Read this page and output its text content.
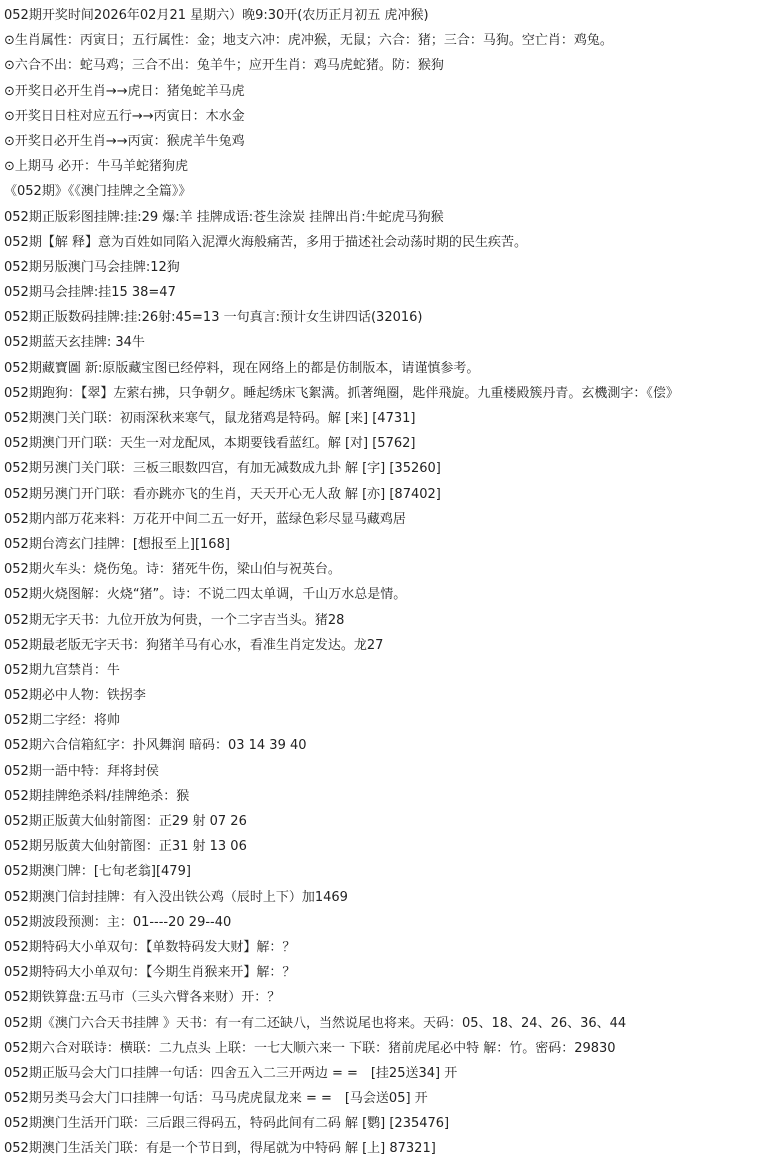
052期开奖时间2026年02月21 星期六）晚9:30开(农历正月初五 虎冲猴)
⊙生肖属性：丙寅日；五行属性：金；地支六冲：虎冲猴，无鼠；六合：猪；三合：马狗。空亡肖：鸡兔。
⊙六合不出：蛇马鸡；三合不出：兔羊牛；应开生肖：鸡马虎蛇猪。防：猴狗
⊙开奖日必开生肖→→虎日：猪兔蛇羊马虎
⊙开奖日日柱对应五行→→丙寅日：木水金
⊙开奖日必开生肖→→丙寅：猴虎羊牛兔鸡
⊙上期马 必开：牛马羊蛇猪狗虎
《052期》《《澳门挂牌之全篇》》
052期正版彩图挂牌:挂:29 爆:羊 挂牌成语:苍生涂炭 挂牌出肖:牛蛇虎马狗猴
052期【解 释】意为百姓如同陷入泥潭火海般痛苦，多用于描述社会动荡时期的民生疾苦。
052期另版澳门马会挂牌:12狗
052期马会挂牌:挂15 38=47
052期正版数码挂牌:挂:26射:45=13 一句真言:预计女生讲四话(32016)
052期蓝天玄挂牌: 34牛
052期藏寶圖 新:原版藏宝图已经停料，现在网络上的都是仿制版本，请谨慎参考。
052期跑狗：【翠】左萦右拂，只争朝夕。睡起绣床飞絮满。抓著绳圈，匙伴飛旋。九重楼殿簇丹青。玄機測字：《偿》
052期澳门关门联：初雨深秋来寒气，鼠龙猪鸡是特码。解 [来] [4731]
052期澳门开门联：天生一对龙配凤，本期要钱看蓝红。解 [对] [5762]
052期另澳门关门联：三板三眼数四宫，有加无减数成九卦 解 [字] [35260]
052期另澳门开门联：看亦跳亦飞的生肖，天天开心无人敌 解 [亦] [87402]
052期内部万花来料：万花开中间二五一好开，蓝绿色彩尽显马藏鸡居
052期台湾玄门挂牌：[想报至上][168]
052期火车头：烧伤兔。诗：猪死牛伤，梁山伯与祝英台。
052期火烧图解：火烧“猪”。诗：不说二四太单调，千山万水总是情。
052期无字天书：九位开放为何贵，一个二字吉当头。猪28
052期最老版无字天书：狗猪羊马有心水，看准生肖定发达。龙27
052期九宫禁肖：牛
052期必中人物：铁拐李
052期二字经：将帅
052期六合信箱紅字：扑风舞润 暗码：03 14 39 40
052期一語中特：拜将封侯
052期挂牌绝杀料/挂牌绝杀：猴
052期正版黄大仙射箭图：正29 射 07 26
052期另版黄大仙射箭图：正31 射 13 06
052期澳门牌：[七旬老翁][479]
052期澳门信封挂牌：有入没出铁公鸡（辰时上下）加1469
052期波段预测：主：01----20 29--40
052期特码大小单双句：【单数特码发大财】解：？
052期特码大小单双句：【今期生肖猴来开】解：？
052期铁算盘:五马市（三头六臂各来财）开：？
052期《澳门六合天书挂牌 》天书：有一有二还缺八，当然说尾也将来。天码：05、18、24、26、36、44
052期六合对联诗：横联：二九点头 上联：一七大顺六来一 下联：猪前虎尾必中特 解：竹。密码：29830
052期正版马会大门口挂牌一句话：四舍五入二三开两边 = =　[挂25送34] 开
052期另类马会大门口挂牌一句话：马马虎虎鼠龙来 = =　[马会送05] 开
052期澳门生活开门联：三后跟三得码五，特码此间有二码 解 [鹦] [235476]
052期澳门生活关门联：有是一个节日到，得尾就为中特码 解 [上] 87321]
